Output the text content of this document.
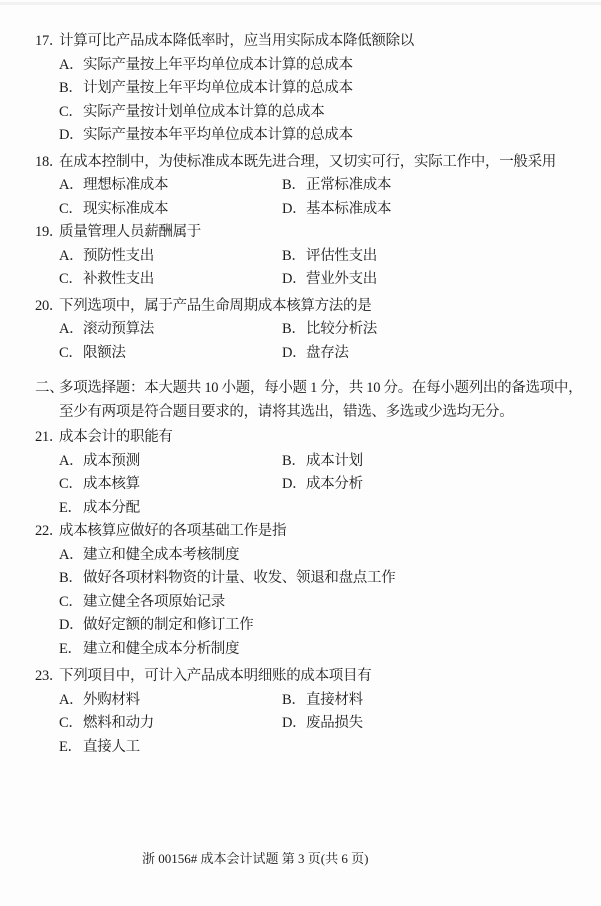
17．
计算可比产品成本降低率时，应当用实际成本降低额除以
A． 实际产量按上年平均单位成本计算的总成本
B． 计划产量按上年平均单位成本计算的总成本
C． 实际产量按计划单位成本计算的总成本
D． 实际产量按本年平均单位成本计算的总成本
18．
在成本控制中，为使标准成本既先进合理，又切实可行，实际工作中，一般采用
A． 理想标准成本	B． 正常标准成本
C． 现实标准成本	D． 基本标准成本
19．
质量管理人员薪酬属于
A． 预防性支出	B． 评估性支出
C． 补救性支出	D． 营业外支出
20．
下列选项中，属于产品生命周期成本核算方法的是
A． 滚动预算法	B． 比较分析法
C． 限额法	D． 盘存法
二、
多项选择题：本大题共 10 小题，每小题 1 分，共 10 分。在每小题列出的备选项中，
至少有两项是符合题目要求的，请将其选出，错选、多选或少选均无分。
21．
成本会计的职能有
A． 成本预测	B． 成本计划
C． 成本核算	D． 成本分析
E． 成本分配
22．
成本核算应做好的各项基础工作是指
A． 建立和健全成本考核制度
B． 做好各项材料物资的计量、收发、领退和盘点工作
C． 建立健全各项原始记录
D． 做好定额的制定和修订工作
E． 建立和健全成本分析制度
23．
下列项目中，可计入产品成本明细账的成本项目有
A． 外购材料	B． 直接材料
C． 燃料和动力	D． 废品损失
E． 直接人工
浙 00156# 成本会计试题 第 3 页(共 6 页)
